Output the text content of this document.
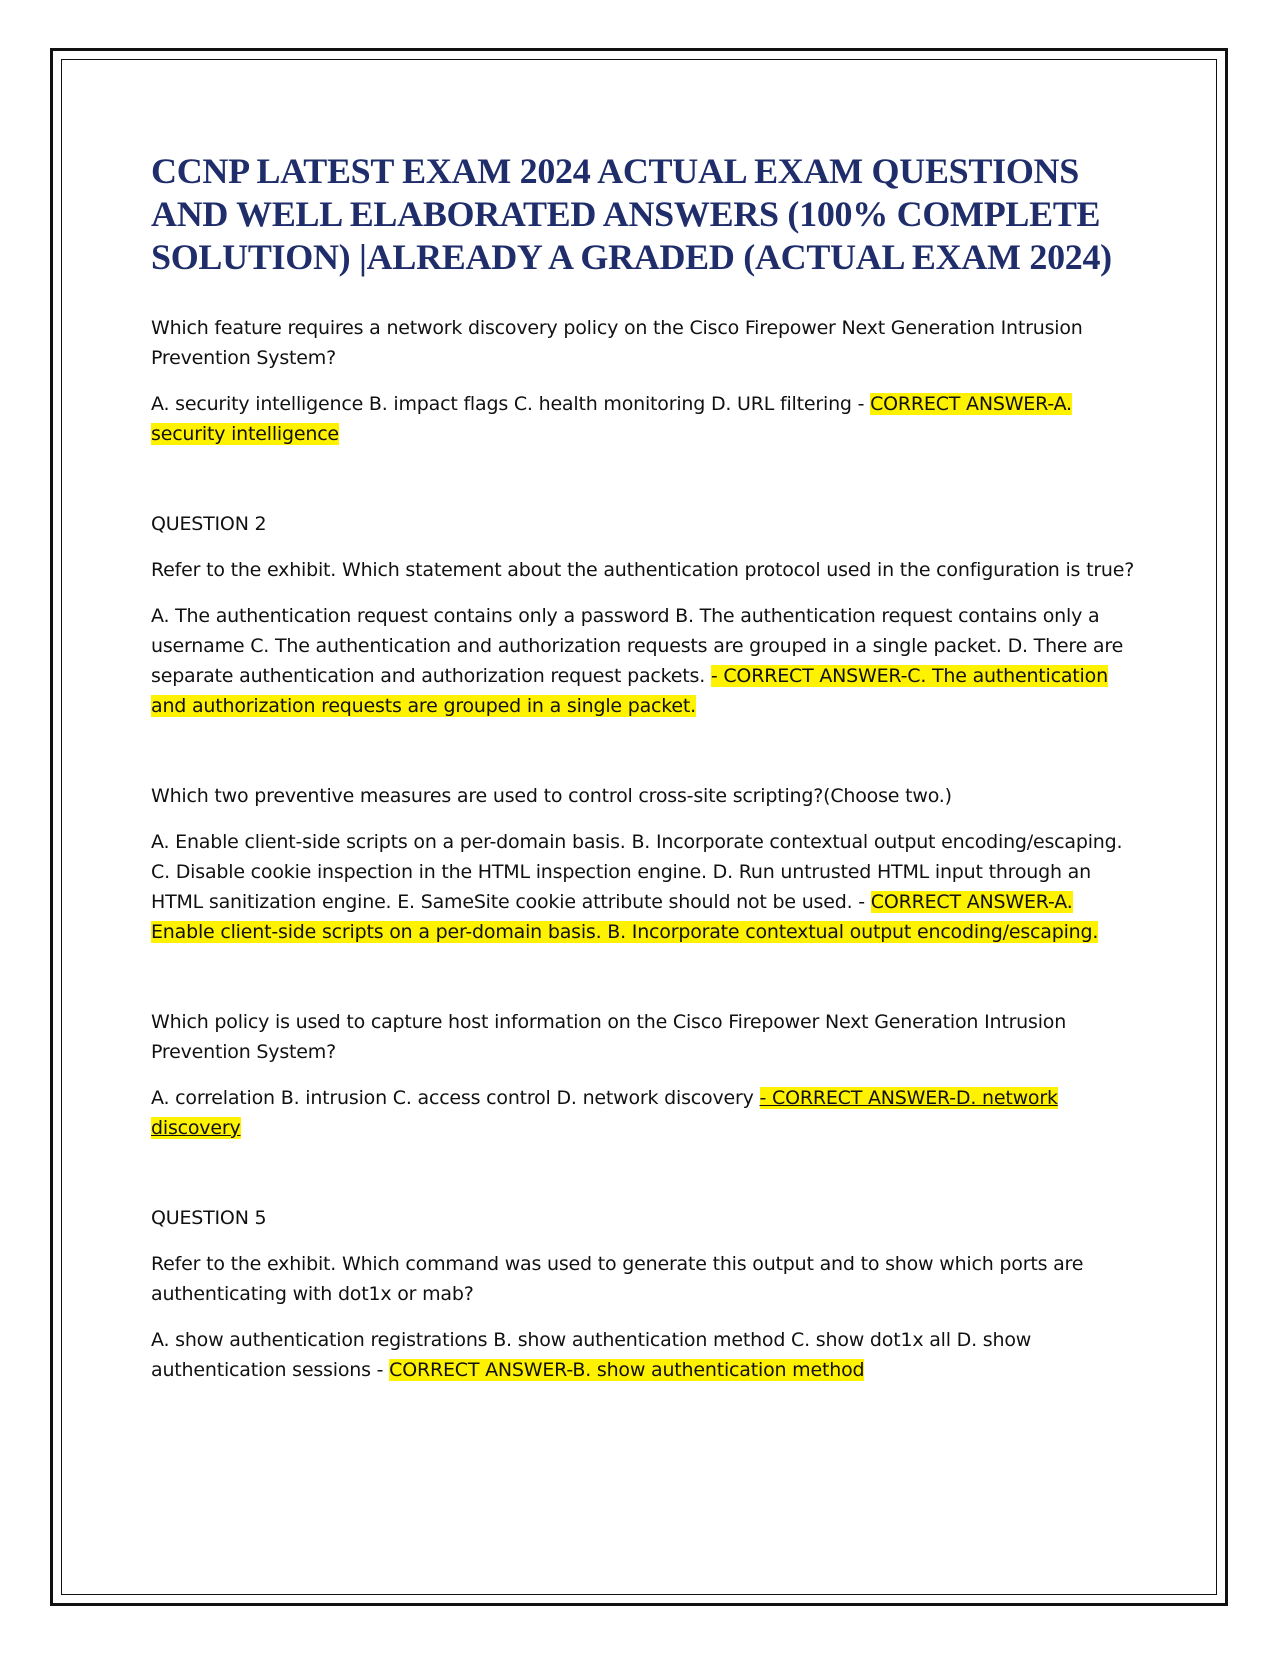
CCNP LATEST EXAM 2024 ACTUAL EXAM QUESTIONS AND WELL ELABORATED ANSWERS (100% COMPLETE SOLUTION) |ALREADY A GRADED (ACTUAL EXAM 2024)

Which feature requires a network discovery policy on the Cisco Firepower Next Generation Intrusion Prevention System?

A. security intelligence B. impact flags C. health monitoring D. URL filtering - CORRECT ANSWER-A. security intelligence

QUESTION 2

Refer to the exhibit. Which statement about the authentication protocol used in the configuration is true?

A. The authentication request contains only a password B. The authentication request contains only a username C. The authentication and authorization requests are grouped in a single packet. D. There are separate authentication and authorization request packets. - CORRECT ANSWER-C. The authentication and authorization requests are grouped in a single packet.

Which two preventive measures are used to control cross-site scripting?(Choose two.)

A. Enable client-side scripts on a per-domain basis. B. Incorporate contextual output encoding/escaping. C. Disable cookie inspection in the HTML inspection engine. D. Run untrusted HTML input through an HTML sanitization engine. E. SameSite cookie attribute should not be used. - CORRECT ANSWER-A. Enable client-side scripts on a per-domain basis. B. Incorporate contextual output encoding/escaping.

Which policy is used to capture host information on the Cisco Firepower Next Generation Intrusion Prevention System?

A. correlation B. intrusion C. access control D. network discovery - CORRECT ANSWER-D. network discovery

QUESTION 5

Refer to the exhibit. Which command was used to generate this output and to show which ports are authenticating with dot1x or mab?

A. show authentication registrations B. show authentication method C. show dot1x all D. show authentication sessions - CORRECT ANSWER-B. show authentication method
